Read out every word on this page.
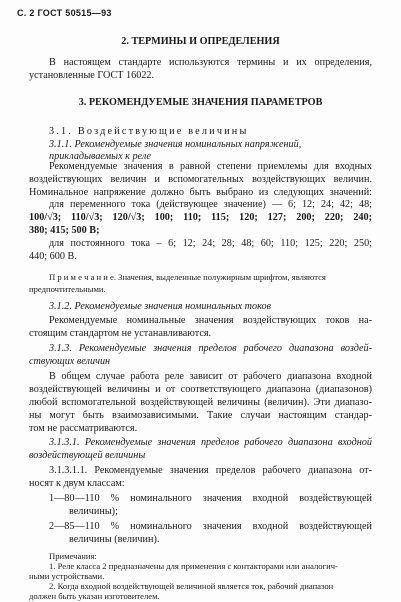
С. 2 ГОСТ 50515—93
2. ТЕРМИНЫ И ОПРЕДЕЛЕНИЯ
В настоящем стандарте используются термины и их определения,
установленные ГОСТ 16022.
3. РЕКОМЕНДУЕМЫЕ ЗНАЧЕНИЯ ПАРАМЕТРОВ
3.1. Воздействующие величины
3.1.1. Рекомендуемые значения номинальных напряжений, прикладываемых к реле
Рекомендуемые значения в равной степени приемлемы для входных
воздействующих величин и вспомогательных воздействующих величин.
Номинальное напряжение должно быть выбрано из следующих значений:
для переменного тока (действующее значение) — 6; 12; 24; 42; 48;
100/√3; 110/√3; 120/√3; 100; 110; 115; 120; 127; 200; 220; 240;
380; 415; 500 В;
для постоянного тока – 6; 12; 24; 28; 48; 60; 110; 125; 220; 250;
440; 600 В.
П р и м е ч а н и е. Значения, выделенные полужирным шрифтом, являются
предпочтительными.
3.1.2. Рекомендуемые значения номинальных токов
Рекомендуемые номинальные значения воздействующих токов на-
стоящим стандартом не устанавливаются.
3.1.3. Рекомендуемые значения пределов рабочего диапазона воздей-
ствующих величин
В общем случае работа реле зависит от рабочего диапазона входной
воздействующей величины и от соответствующего диапазона (диапазонов)
любой вспомогательной воздействующей величины (величин). Эти диапазо-
ны могут быть взаимозависимыми. Такие случаи настоящим стандар-
том не рассматриваются.
3.1.3.1. Рекомендуемые значения пределов рабочего диапазона входной
воздействующей величины
3.1.3.1.1. Рекомендуемые значения пределов рабочего диапазона от-
носят к двум классам:
1—80—110 % номинального значения входной воздействующей
величины);
2—85—110 % номинального значения входной воздействующей
величины (величин).
Примечания:
1. Реле класса 2 предназначены для применения с контакторами или аналогич-
ными устройствами.
2. Когда входной воздействующей величиной является ток, рабочий диапазон
должен быть указан изготовителем.
